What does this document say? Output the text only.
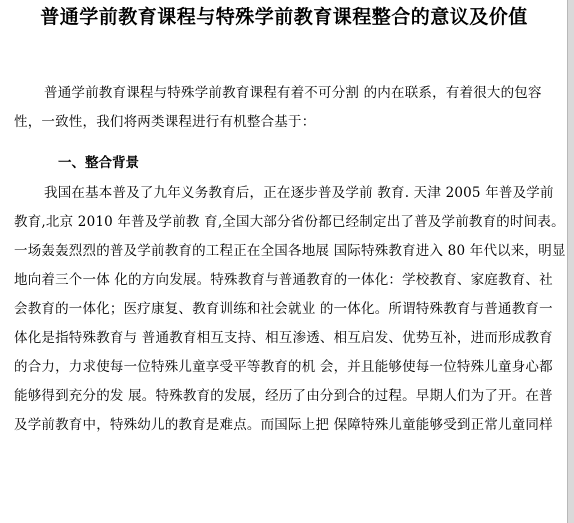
普通学前教育课程与特殊学前教育课程整合的意议及价值
普通学前教育课程与特殊学前教育课程有着不可分割 的内在联系，有着很大的包容
性，一致性，我们将两类课程进行有机整合基于：
一、整合背景
我国在基本普及了九年义务教育后，正在逐步普及学前 教育. 天津 2005 年普及学前
教育,北京 2010 年普及学前教 育,全国大部分省份都已经制定出了普及学前教育的时间表。
一场轰轰烈烈的普及学前教育的工程正在全国各地展 国际特殊教育进入 80 年代以来，明显
地向着三个一体 化的方向发展。特殊教育与普通教育的一体化：学校教育、家庭教育、社
会教育的一体化；医疗康复、教育训练和社会就业 的一体化。所谓特殊教育与普通教育一
体化是指特殊教育与 普通教育相互支持、相互渗透、相互启发、优势互补，进而形成教育
的合力，力求使每一位特殊儿童享受平等教育的机 会，并且能够使每一位特殊儿童身心都
能够得到充分的发 展。特殊教育的发展，经历了由分到合的过程。早期人们为了开。在普
及学前教育中，特殊幼儿的教育是难点。而国际上把 保障特殊儿童能够受到正常儿童同样
